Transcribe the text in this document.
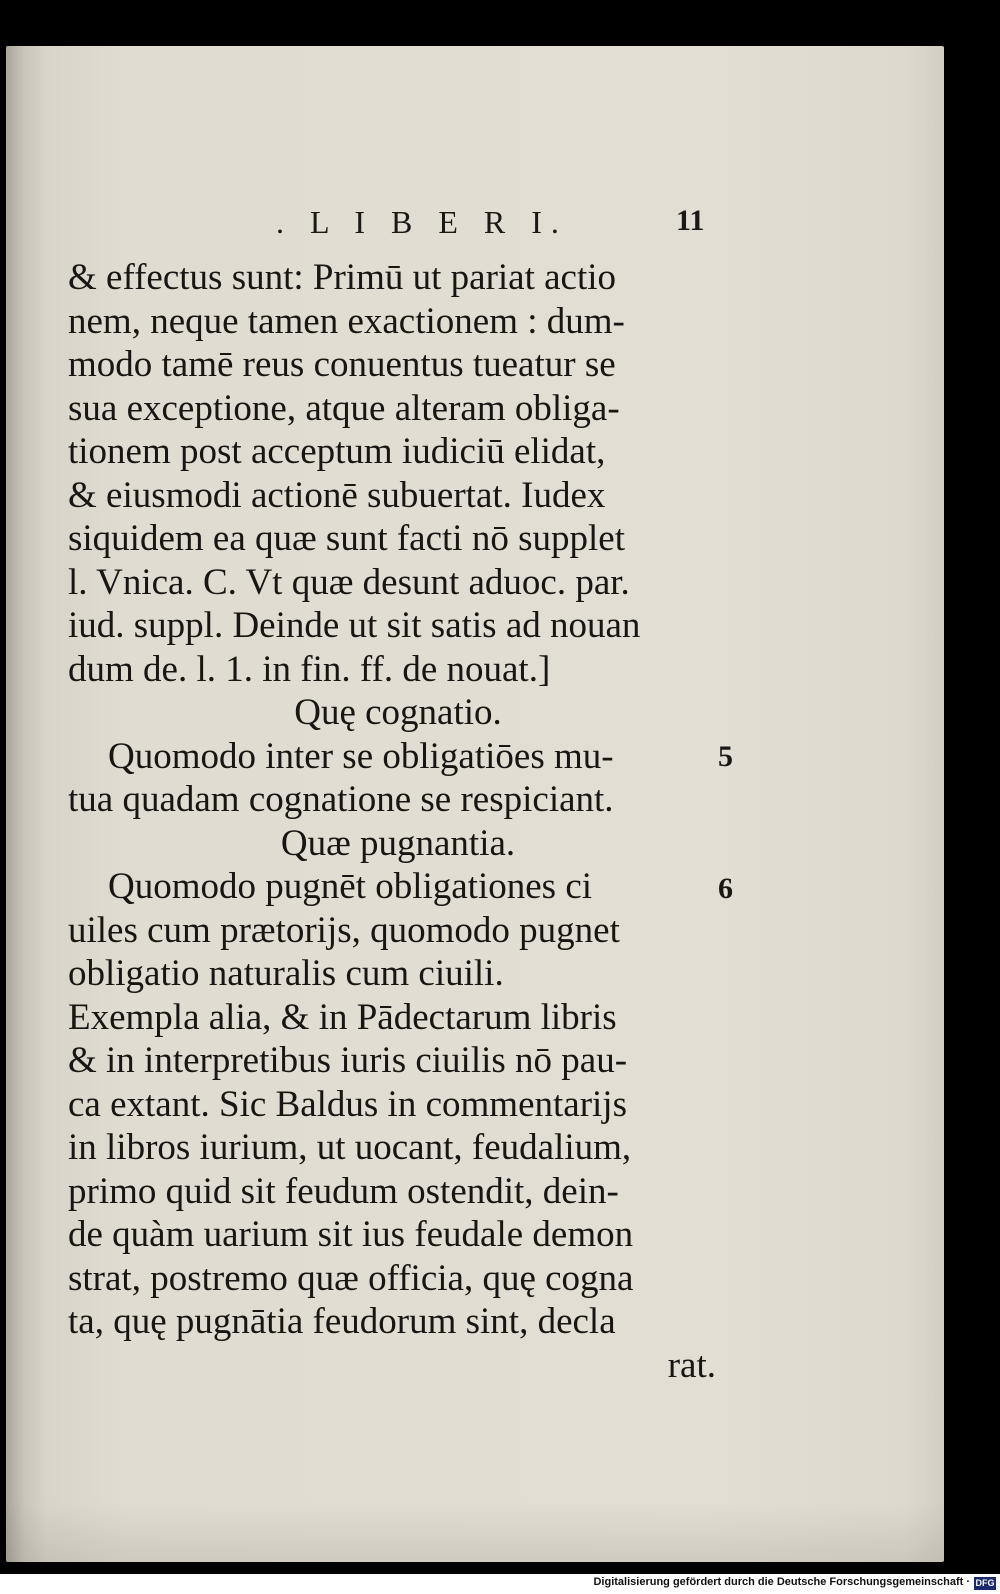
. L I B E R I.	11
& effectus sunt: Primū ut pariat actio
nem, neque tamen exactionem : dum-
modo tamē reus conuentus tueatur se
sua exceptione, atque alteram obliga-
tionem post acceptum iudiciū elidat,
& eiusmodi actionē subuertat. Iudex
siquidem ea quæ sunt facti nō supplet
l. Vnica. C. Vt quæ desunt aduoc. par.
iud. suppl. Deinde ut sit satis ad nouan
dum de. l. 1. in fin. ff. de nouat.]
Quę cognatio.
Quomodo inter se obligatiōes mu-
tua quadam cognatione se respiciant.
Quæ pugnantia.
Quomodo pugnēt obligationes ci
uiles cum prætorijs, quomodo pugnet
obligatio naturalis cum ciuili.
Exempla alia, & in Pādectarum libris
& in interpretibus iuris ciuilis nō pau-
ca extant. Sic Baldus in commentarijs
in libros iurium, ut uocant, feudalium,
primo quid sit feudum ostendit, dein-
de quàm uarium sit ius feudale demon
strat, postremo quæ officia, quę cogna
ta, quę pugnātia feudorum sint, decla
rat.
5
6
Digitalisierung gefördert durch die Deutsche Forschungsgemeinschaft · DFG
